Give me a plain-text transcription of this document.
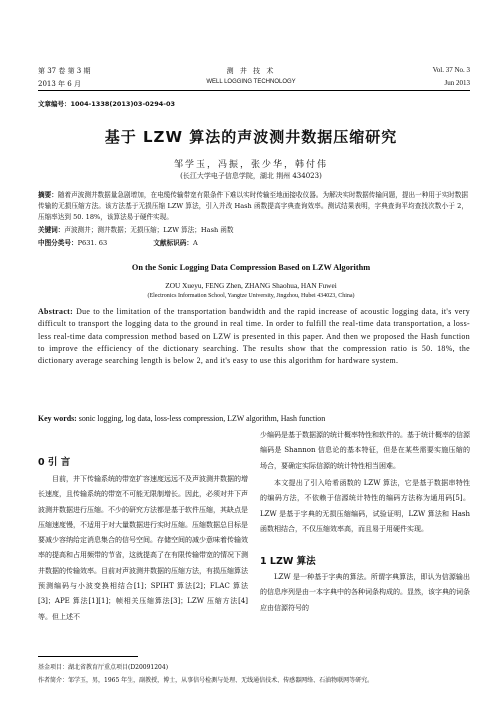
第 37 卷 第 3 期
2013 年 6 月
测 井 技 术
WELL LOGGING TECHNOLOGY
Vol. 37 No. 3
Jun 2013
文章编号：1004-1338(2013)03-0294-03
基于 LZW 算法的声波测井数据压缩研究
邹学玉，冯振，张少华，韩付伟
(长江大学电子信息学院，湖北 荆州 434023)
摘要：随着声波测井数据量急剧增加，在电缆传输带宽有限条件下难以实时传输至地面接收仪器。为解决实时数据传输问题，提出一种用于实时数据传输的无损压缩方法。该方法基于无损压缩 LZW 算法，引入并改 Hash 函数提高字典查询效率。测试结果表明，字典查询平均查找次数小于 2，压缩率达到 50. 18%，该算法易于硬件实现。
关键词：声波测井；测井数据；无损压缩；LZW 算法；Hash 函数
中图分类号：P631. 63	文献标识码：A
On the Sonic Logging Data Compression Based on LZW Algorithm
ZOU Xueyu, FENG Zhen, ZHANG Shaohua, HAN Fuwei
(Electronics Information School, Yangtze University, Jingzhou, Hubei 434023, China)
Abstract: Due to the limitation of the transportation bandwidth and the rapid increase of acoustic logging data, it's very difficult to transport the logging data to the ground in real time. In order to fulfill the real-time data transportation, a loss-less real-time data compression method based on LZW is presented in this paper. And then we proposed the Hash function to improve the efficiency of the dictionary searching. The results show that the compression ratio is 50. 18%, the dictionary average searching length is below 2, and it's easy to use this algorithm for hardware system.
Key words: sonic logging, log data, loss-less compression, LZW algorithm, Hash function
0 引 言
目前，井下传输系统的带宽扩容速度远远不及声波测井数据的增长速度，且传输系统的带宽不可能无限制增长。因此，必须对井下声波测井数据进行压缩。不少的研究方法都是基于软件压缩，其缺点是压缩速度慢，不适用于对大量数据进行实时压缩。压缩数据总目标是要减少容纳给定消息集合的信号空间。存储空间的减少意味着传输效率的提高和占用频带的节省，这就提高了在有限传输带宽的情况下测井数据的传输效率。目前对声波测井数据的压缩方法，有损压缩算法预测编码与小波变换相结合[1]；SPIHT 算法[2]；FLAC 算法[3]；APE 算法[1][1]；帧相关压缩算法[3]；LZW 压缩方法[4]等。但上述不
少编码是基于数据源的统计概率特性和软件的。基于统计概率的信源编码是 Shannon 信息论的基本特征，但是在某些需要实施压缩的场合，要确定实际信源的统计特性相当困难。
本文提出了引入哈希函数的 LZW 算法，它是基于数据串特性的编码方法，不依赖于信源统计特性的编码方法称为通用码[5]。LZW 是基于字典的无损压缩编码，试验证明，LZW 算法和 Hash 函数相结合，不仅压缩效率高，而且易于用硬件实现。
1 LZW 算法
LZW 是一种基于字典的算法。所谓字典算法，即认为信源输出的信息序列是由一本字典中的各种词条构成的。显然，该字典的词条应由信源符号的
基金项目：湖北省教育厅重点项目(D20091204)
作者简介：邹学玉，男，1965 年生，副教授，博士，从事信号检测与处理、无线通信技术、传感器网络、石油物联网等研究。
